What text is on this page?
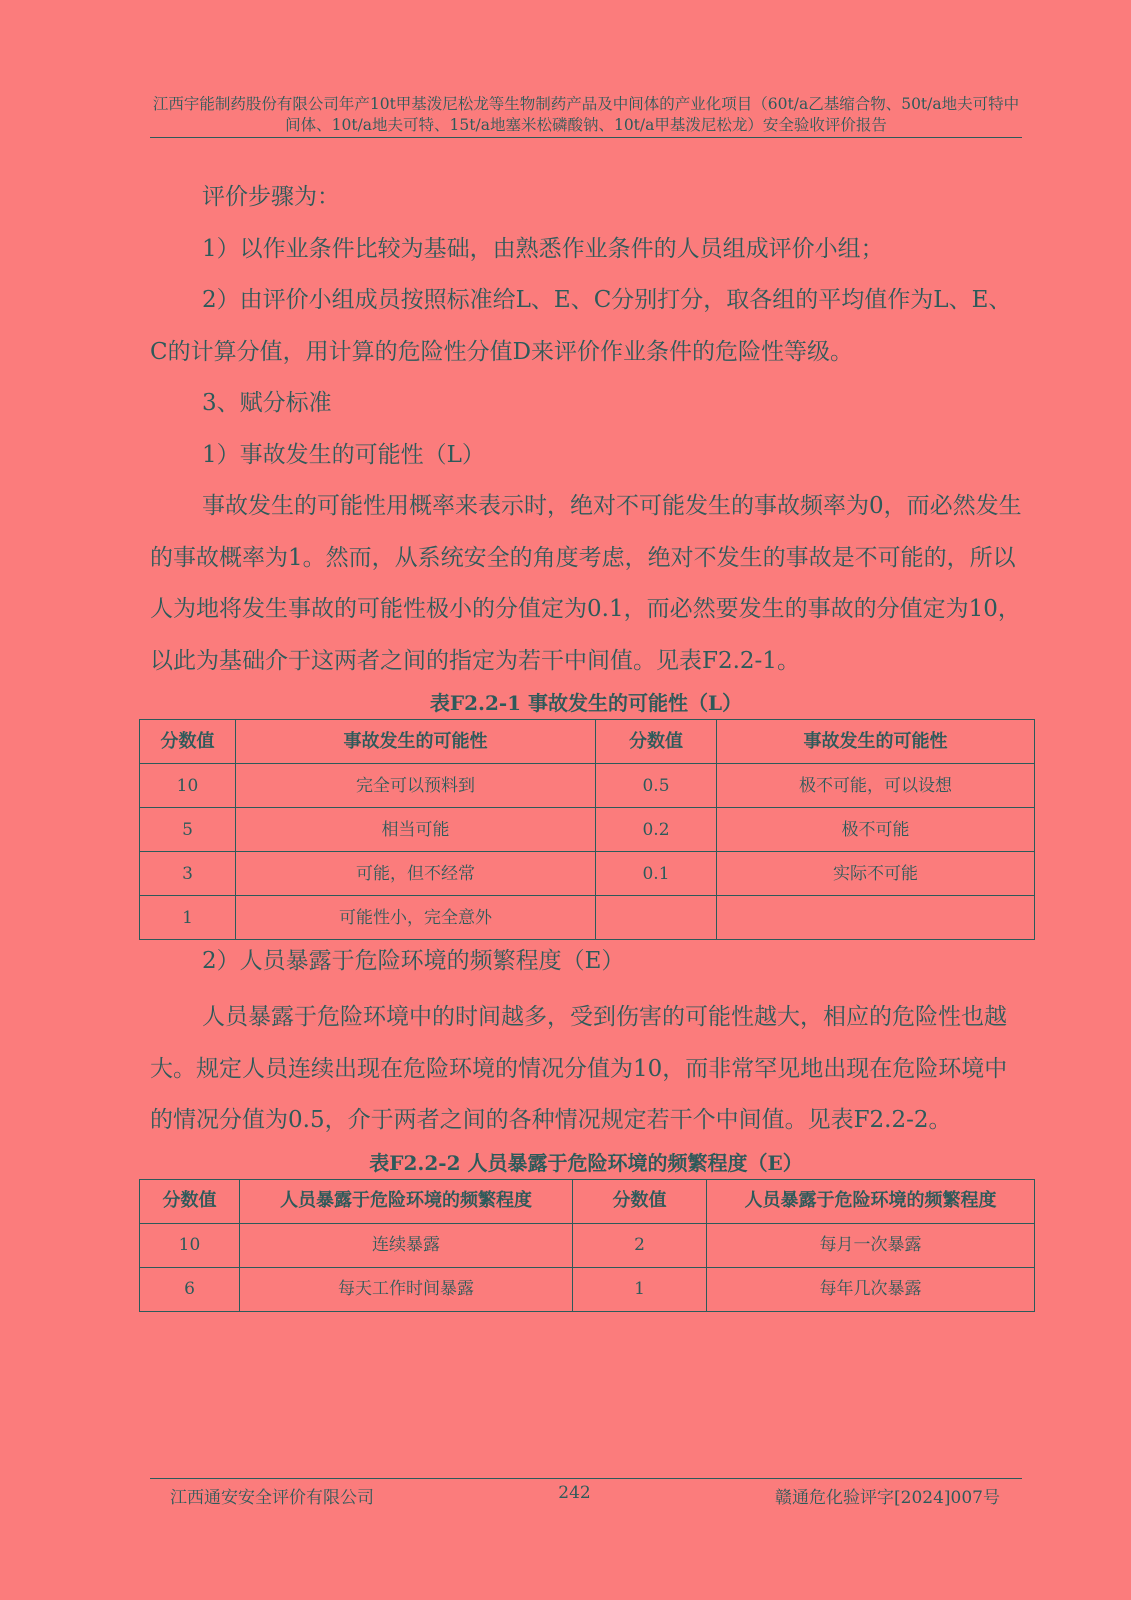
江西宇能制药股份有限公司年产10t甲基泼尼松龙等生物制药产品及中间体的产业化项目（60t/a乙基缩合物、50t/a地夫可特中间体、10t/a地夫可特、15t/a地塞米松磷酸钠、10t/a甲基泼尼松龙）安全验收评价报告

评价步骤为：

1）以作业条件比较为基础，由熟悉作业条件的人员组成评价小组；

2）由评价小组成员按照标准给L、E、C分别打分，取各组的平均值作为L、E、C的计算分值，用计算的危险性分值D来评价作业条件的危险性等级。

3、赋分标准

1）事故发生的可能性（L）

事故发生的可能性用概率来表示时，绝对不可能发生的事故频率为0，而必然发生的事故概率为1。然而，从系统安全的角度考虑，绝对不发生的事故是不可能的，所以人为地将发生事故的可能性极小的分值定为0.1，而必然要发生的事故的分值定为10，以此为基础介于这两者之间的指定为若干中间值。见表F2.2-1。

表F2.2-1 事故发生的可能性（L）
分数值	事故发生的可能性	分数值	事故发生的可能性
10	完全可以预料到	0.5	极不可能，可以设想
5	相当可能	0.2	极不可能
3	可能，但不经常	0.1	实际不可能
1	可能性小，完全意外		

2）人员暴露于危险环境的频繁程度（E）

人员暴露于危险环境中的时间越多，受到伤害的可能性越大，相应的危险性也越大。规定人员连续出现在危险环境的情况分值为10，而非常罕见地出现在危险环境中的情况分值为0.5，介于两者之间的各种情况规定若干个中间值。见表F2.2-2。

表F2.2-2 人员暴露于危险环境的频繁程度（E）
分数值	人员暴露于危险环境的频繁程度	分数值	人员暴露于危险环境的频繁程度
10	连续暴露	2	每月一次暴露
6	每天工作时间暴露	1	每年几次暴露
江西通安安全评价有限公司	242	赣通危化验评字[2024]007号
